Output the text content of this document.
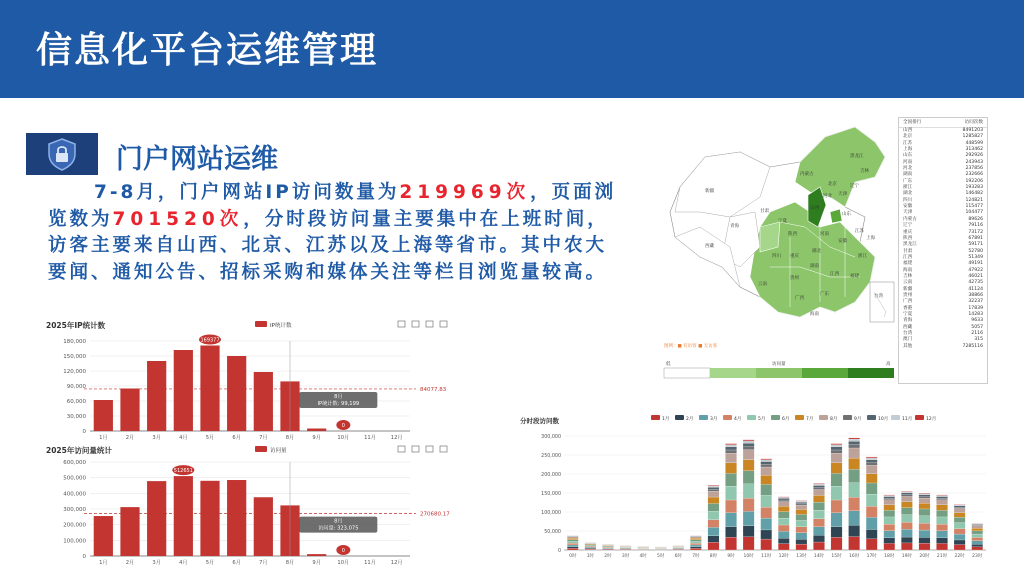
信息化平台运维管理
门户网站运维
7-8月，门户网站IP访问数量为219969次，页面浏览数为701520次，分时段访问量主要集中在上班时间，访客主要来自山西、北京、江苏以及上海等省市。其中农大要闻、通知公告、招标采购和媒体关注等栏目浏览量较高。
2025年IP统计数	IP统计数
180,000
150,000
120,000
90,000
60,000
30,000
0
1月	2月	3月	4月	5月	6月	7月	8月	9月	10月	11月	12月
84077.83
169377
0
8月
IP统计数: 99,199
2025年访问量统计	访问量
600,000
500,000
400,000
300,000
200,000
100,000
0
1月	2月	3月	4月	5月	6月	7月	8月	9月	10月	11月	12月
270680.17
512651
0
8月
访问量: 323,075
分时段访问数	1月	2月	3月	4月	5月	6月	7月	8月	9月	10月	11月	12月
300,000
250,000
200,000
150,000
100,000
50,000
0
0时 1时 2时 3时 4时 5时 6时 7时 8时 9时 10时 11时 12时 13时 14时 15时 16时 17时 18时 19时 20时 21时 22时 23时
黑龙江
吉林
辽宁
内蒙古
新疆
西藏
青海
甘肃
宁夏
陕西
山西
河北
北京
天津
山东
河南
湖北
湖南
四川 重庆
贵州
云南
广西
广东
福建
江西
安徽
江苏
上海
浙江
海南
台湾
图例：■ 有访客 ■ 无访客
低	访问量	高
全国排行	访问次数
山西	8491203
北京	1285827
江苏	448599
上海	313462
山东	292926
河南	243943
河北	237856
湖南	232666
广东	192206
浙江	193283
湖北	146482
四川	124821
安徽	115477
天津	104477
内蒙古	89626
辽宁	79116
重庆	73172
陕西	67891
黑龙江	59171
甘肃	52780
江西	51349
福建	49191
海南	47922
吉林	46021
云南	42735
新疆	41124
贵州	38866
广西	32237
香港	17839
宁夏	14283
青海	9633
西藏	5057
台湾	2116
澳门	315
其他	7285116
